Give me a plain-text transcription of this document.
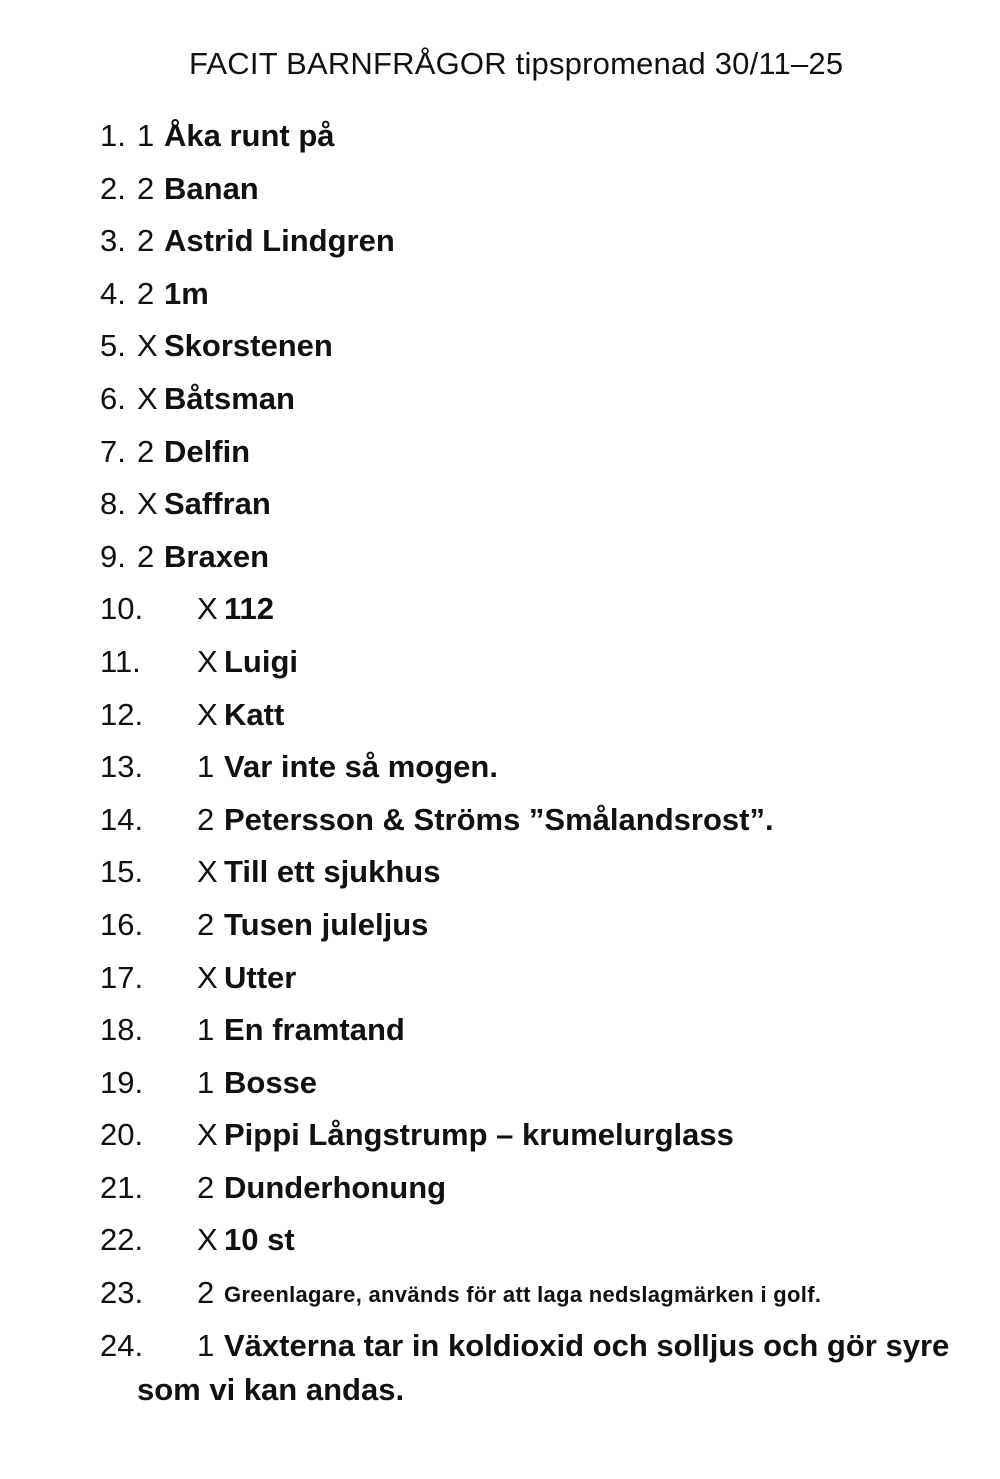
FACIT BARNFRÅGOR tipspromenad 30/11–25
1. 1 Åka runt på
2. 2 Banan
3. 2 Astrid Lindgren
4. 2 1m
5. X Skorstenen
6. X Båtsman
7. 2 Delfin
8. X Saffran
9. 2 Braxen
10. X 112
11. X Luigi
12. X Katt
13. 1 Var inte så mogen.
14. 2 Petersson & Ströms ”Smålandsrost”.
15. X Till ett sjukhus
16. 2 Tusen juleljus
17. X Utter
18. 1 En framtand
19. 1 Bosse
20. X Pippi Långstrump – krumelurglass
21. 2 Dunderhonung
22. X 10 st
23. 2 Greenlagare, används för att laga nedslagmärken i golf.
24. 1 Växterna tar in koldioxid och solljus och gör syre
som vi kan andas.
